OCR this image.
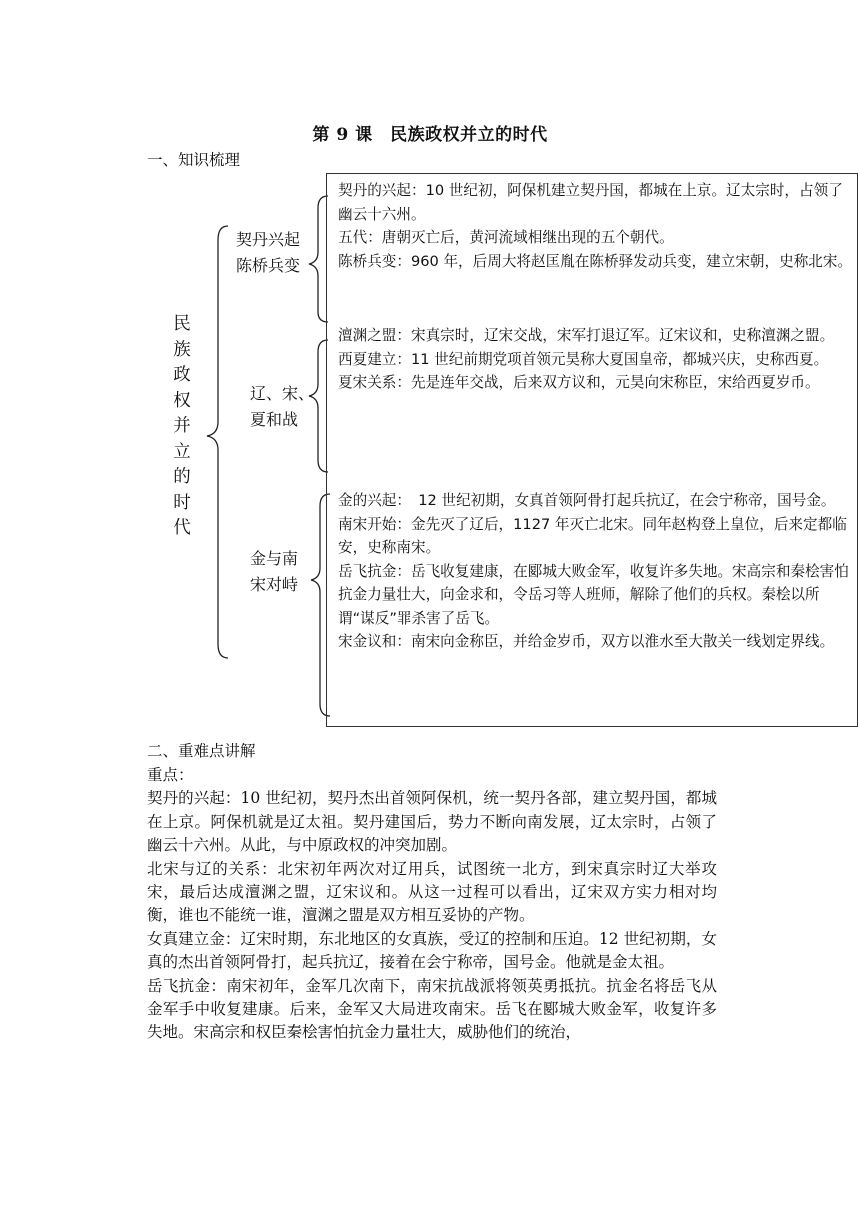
第 9 课　民族政权并立的时代

一、知识梳理

民族政权并立的时代

契丹兴起
陈桥兵变

辽、宋、
夏和战

金与南
宋对峙

契丹的兴起：10 世纪初，阿保机建立契丹国，都城在上京。辽太宗时，占领了幽云十六州。

五代：唐朝灭亡后，黄河流域相继出现的五个朝代。

陈桥兵变：960 年，后周大将赵匡胤在陈桥驿发动兵变，建立宋朝，史称北宋。

澶渊之盟：宋真宗时，辽宋交战，宋军打退辽军。辽宋议和，史称澶渊之盟。

西夏建立：11 世纪前期党项首领元昊称大夏国皇帝，都城兴庆，史称西夏。

夏宋关系：先是连年交战，后来双方议和，元昊向宋称臣，宋给西夏岁币。

金的兴起：　12 世纪初期，女真首领阿骨打起兵抗辽，在会宁称帝，国号金。

南宋开始：金先灭了辽后，1127 年灭亡北宋。同年赵构登上皇位，后来定都临安，史称南宋。

岳飞抗金：岳飞收复建康，在郾城大败金军，收复许多失地。宋高宗和秦桧害怕抗金力量壮大，向金求和，令岳习等人班师，解除了他们的兵权。秦桧以所谓“谋反”罪杀害了岳飞。

宋金议和：南宋向金称臣，并给金岁币，双方以淮水至大散关一线划定界线。

二、重难点讲解

重点：

契丹的兴起：10 世纪初，契丹杰出首领阿保机，统一契丹各部，建立契丹国，都城在上京。阿保机就是辽太祖。契丹建国后，势力不断向南发展，辽太宗时，占领了幽云十六州。从此，与中原政权的冲突加剧。

北宋与辽的关系：北宋初年两次对辽用兵，试图统一北方，到宋真宗时辽大举攻宋，最后达成澶渊之盟，辽宋议和。从这一过程可以看出，辽宋双方实力相对均衡，谁也不能统一谁，澶渊之盟是双方相互妥协的产物。

女真建立金：辽宋时期，东北地区的女真族，受辽的控制和压迫。12 世纪初期，女真的杰出首领阿骨打，起兵抗辽，接着在会宁称帝，国号金。他就是金太祖。

岳飞抗金：南宋初年，金军几次南下，南宋抗战派将领英勇抵抗。抗金名将岳飞从金军手中收复建康。后来，金军又大局进攻南宋。岳飞在郾城大败金军，收复许多失地。宋高宗和权臣秦桧害怕抗金力量壮大，威胁他们的统治，
